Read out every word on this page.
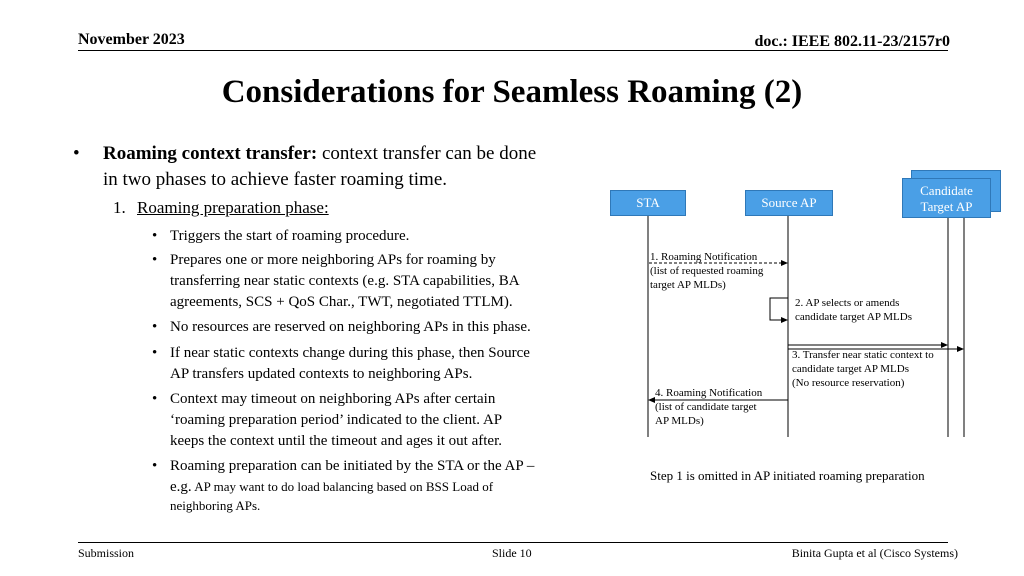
November 2023	doc.: IEEE 802.11-23/2157r0
Considerations for Seamless Roaming (2)
• Roaming context transfer: context transfer can be done
in two phases to achieve faster roaming time.
1. Roaming preparation phase:
• Triggers the start of roaming procedure.
• Prepares one or more neighboring APs for roaming by
transferring near static contexts (e.g. STA capabilities, BA
agreements, SCS + QoS Char., TWT, negotiated TTLM).
• No resources are reserved on neighboring APs in this phase.
• If near static contexts change during this phase, then Source
AP transfers updated contexts to neighboring APs.
• Context may timeout on neighboring APs after certain
‘roaming preparation period’ indicated to the client. AP
keeps the context until the timeout and ages it out after.
• Roaming preparation can be initiated by the STA or the AP –
e.g. AP may want to do load balancing based on BSS Load of
neighboring APs.
STA	Source AP
Candidate
Target AP
1. Roaming Notification
(list of requested roaming
target AP MLDs)
2. AP selects or amends
candidate target AP MLDs
3. Transfer near static context to
candidate target AP MLDs
(No resource reservation)
4. Roaming Notification
(list of candidate target
AP MLDs)
Step 1 is omitted in AP initiated roaming preparation
Submission	Slide 10	Binita Gupta et al (Cisco Systems)
